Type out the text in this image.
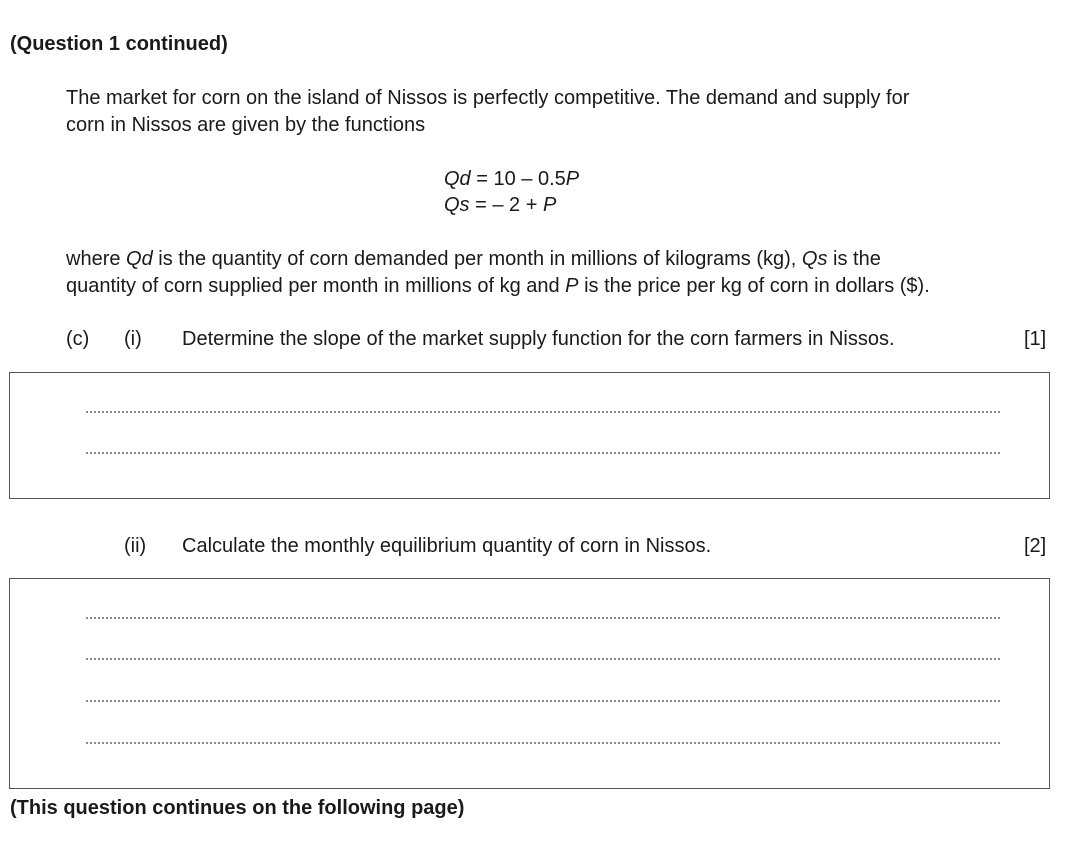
(Question 1 continued)
The market for corn on the island of Nissos is perfectly competitive. The demand and supply for
corn in Nissos are given by the functions
Qd = 10 – 0.5P
Qs = – 2 + P
where Qd is the quantity of corn demanded per month in millions of kilograms (kg), Qs is the
quantity of corn supplied per month in millions of kg and P is the price per kg of corn in dollars ($).
(c) (i) Determine the slope of the market supply function for the corn farmers in Nissos.	[1]
(ii) Calculate the monthly equilibrium quantity of corn in Nissos.	[2]
(This question continues on the following page)
